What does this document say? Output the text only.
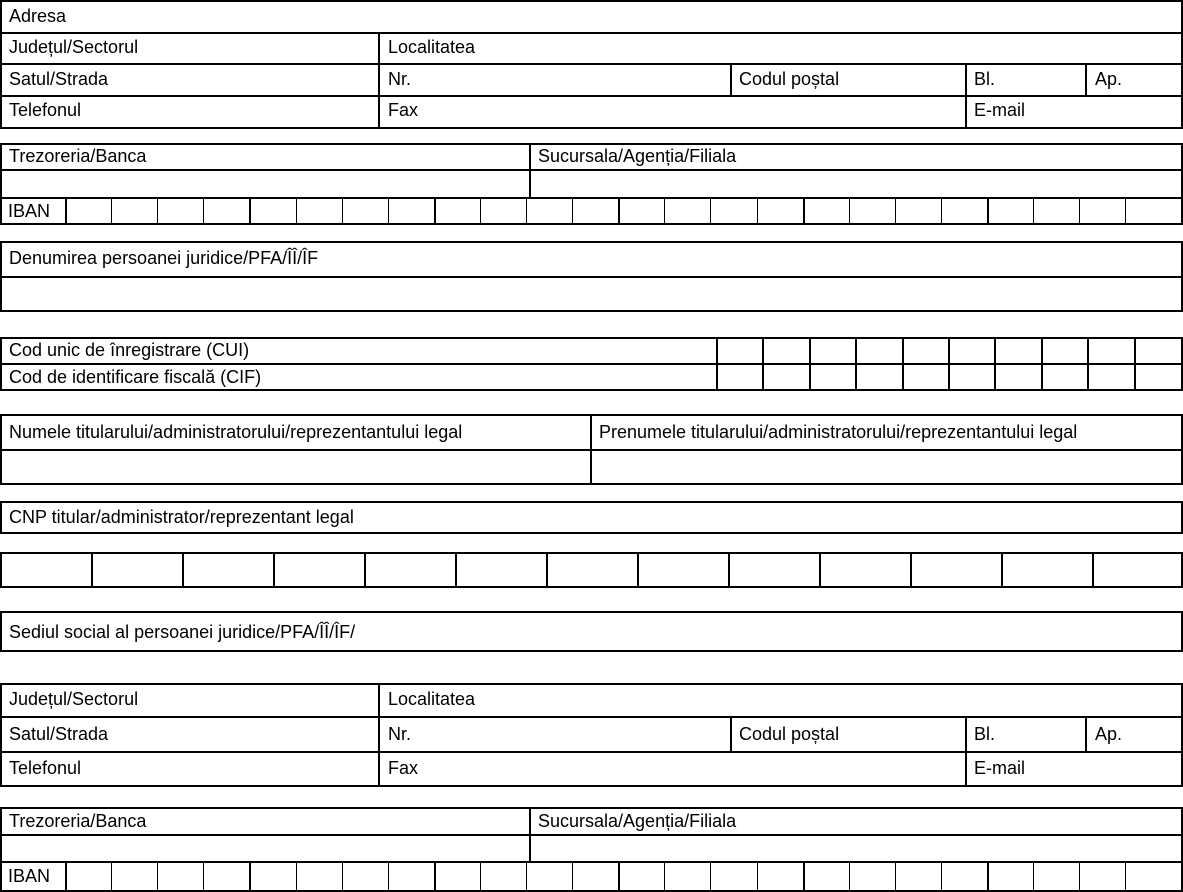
Adresa
Județul/Sectorul	Localitatea
Satul/Strada	Nr.	Codul poștal	Bl.	Ap.
Telefonul	Fax	E-mail
Trezoreria/Banca	Sucursala/Agenția/Filiala
IBAN
Denumirea persoanei juridice/PFA/ÎÎ/ÎF
Cod unic de înregistrare (CUI)
Cod de identificare fiscală (CIF)
Numele titularului/administratorului/reprezentantului legal	Prenumele titularului/administratorului/reprezentantului legal
CNP titular/administrator/reprezentant legal
Sediul social al persoanei juridice/PFA/ÎÎ/ÎF/
Județul/Sectorul	Localitatea
Satul/Strada	Nr.	Codul poștal	Bl.	Ap.
Telefonul	Fax	E-mail
Trezoreria/Banca	Sucursala/Agenția/Filiala
IBAN
